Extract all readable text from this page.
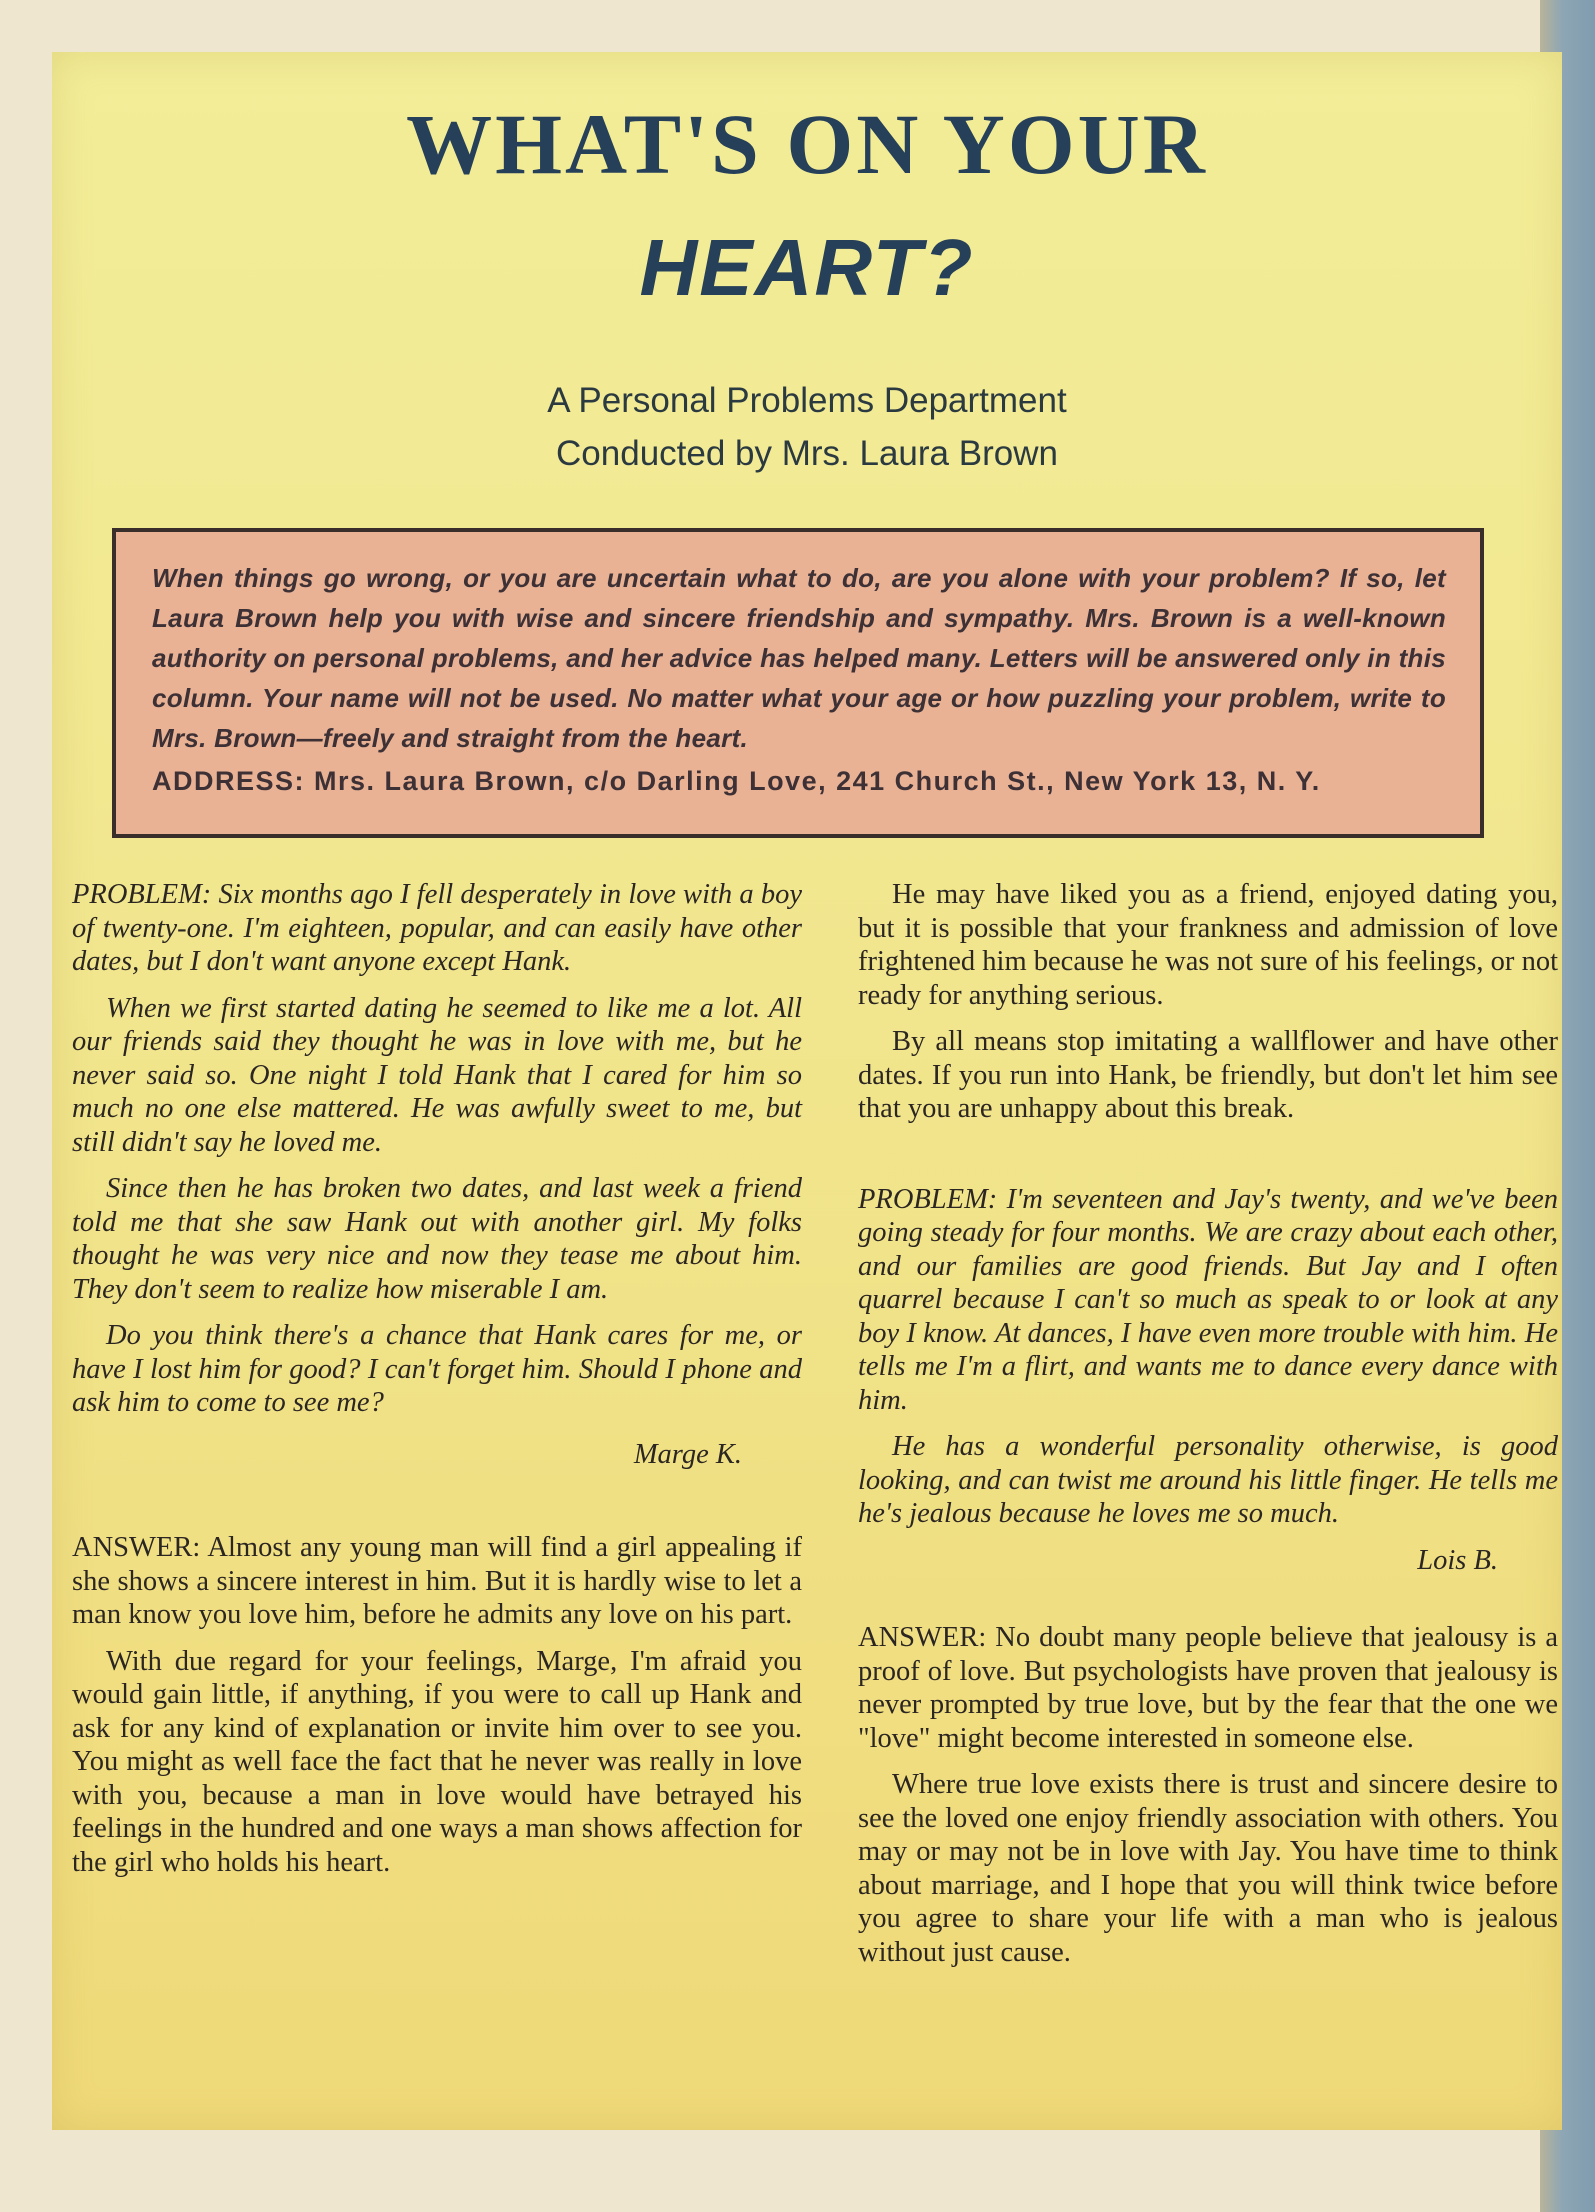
WHAT'S ON YOUR
HEART?
A Personal Problems Department
Conducted by Mrs. Laura Brown
When things go wrong, or you are uncertain what to do, are you alone with your problem? If so, let Laura Brown help you with wise and sincere friendship and sympathy. Mrs. Brown is a well-known authority on personal problems, and her advice has helped many. Letters will be answered only in this column. Your name will not be used. No matter what your age or how puzzling your problem, write to Mrs. Brown—freely and straight from the heart.
ADDRESS: Mrs. Laura Brown, c/o Darling Love, 241 Church St., New York 13, N. Y.

PROBLEM: Six months ago I fell desperately in love with a boy of twenty-one. I'm eighteen, popular, and can easily have other dates, but I don't want anyone except Hank.

When we first started dating he seemed to like me a lot. All our friends said they thought he was in love with me, but he never said so. One night I told Hank that I cared for him so much no one else mattered. He was awfully sweet to me, but still didn't say he loved me.

Since then he has broken two dates, and last week a friend told me that she saw Hank out with another girl. My folks thought he was very nice and now they tease me about him. They don't seem to realize how miserable I am.

Do you think there's a chance that Hank cares for me, or have I lost him for good? I can't forget him. Should I phone and ask him to come to see me?

Marge K.

ANSWER: Almost any young man will find a girl appealing if she shows a sincere interest in him. But it is hardly wise to let a man know you love him, before he admits any love on his part.

With due regard for your feelings, Marge, I'm afraid you would gain little, if anything, if you were to call up Hank and ask for any kind of explanation or invite him over to see you. You might as well face the fact that he never was really in love with you, because a man in love would have betrayed his feelings in the hundred and one ways a man shows affection for the girl who holds his heart.

He may have liked you as a friend, enjoyed dating you, but it is possible that your frankness and admission of love frightened him because he was not sure of his feelings, or not ready for anything serious.

By all means stop imitating a wallflower and have other dates. If you run into Hank, be friendly, but don't let him see that you are unhappy about this break.

PROBLEM: I'm seventeen and Jay's twenty, and we've been going steady for four months. We are crazy about each other, and our families are good friends. But Jay and I often quarrel because I can't so much as speak to or look at any boy I know. At dances, I have even more trouble with him. He tells me I'm a flirt, and wants me to dance every dance with him.

He has a wonderful personality otherwise, is good looking, and can twist me around his little finger. He tells me he's jealous because he loves me so much.

Lois B.

ANSWER: No doubt many people believe that jealousy is a proof of love. But psychologists have proven that jealousy is never prompted by true love, but by the fear that the one we "love" might become interested in someone else.

Where true love exists there is trust and sincere desire to see the loved one enjoy friendly association with others. You may or may not be in love with Jay. You have time to think about marriage, and I hope that you will think twice before you agree to share your life with a man who is jealous without just cause.
